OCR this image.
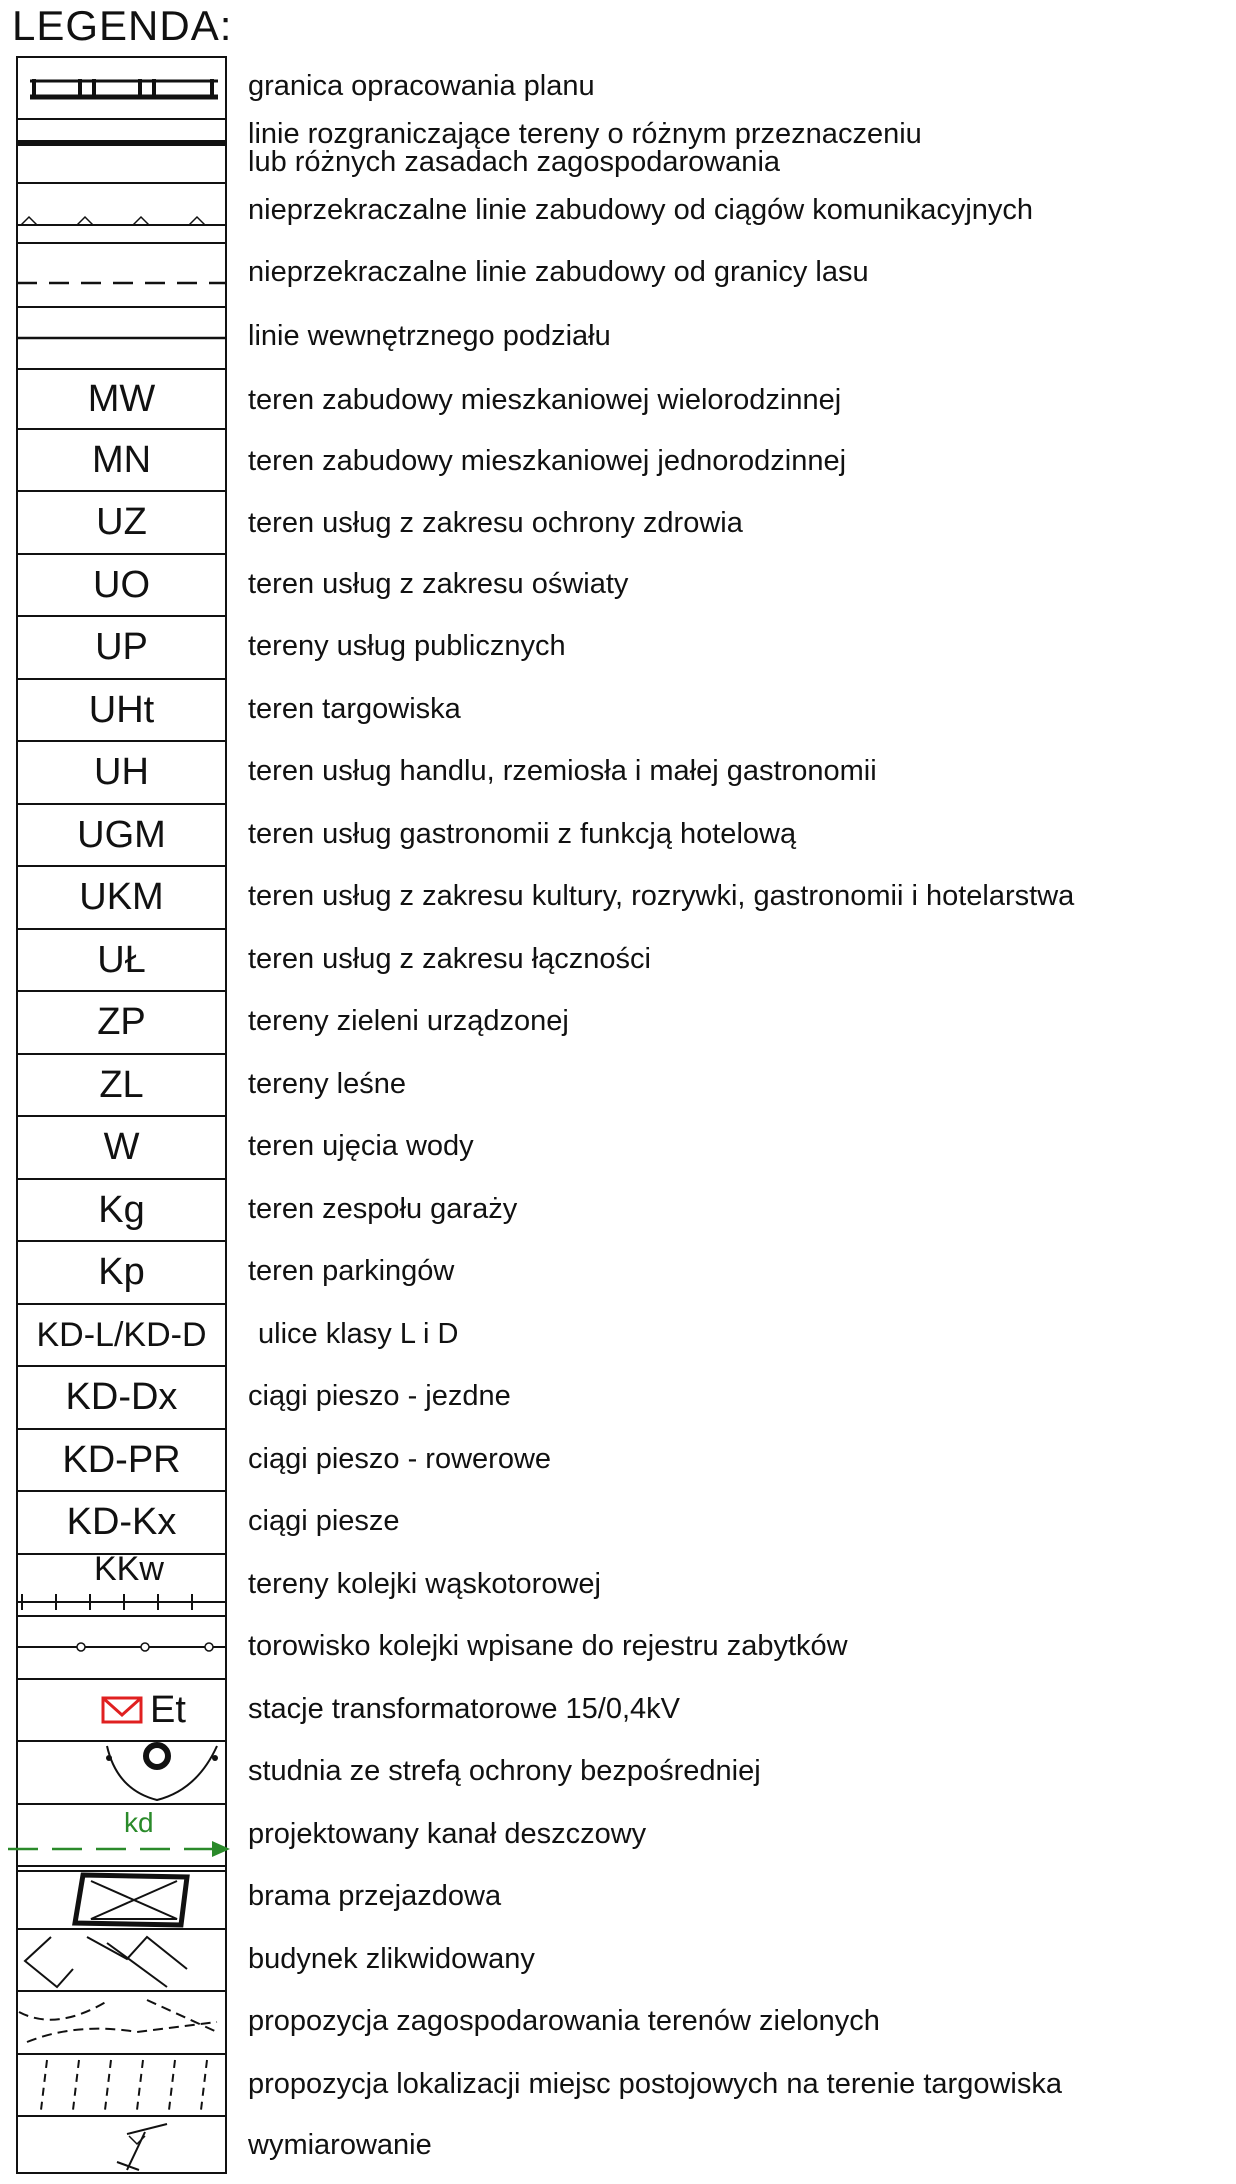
LEGENDA:
granica opracowania planu
linie rozgraniczające tereny o różnym przeznaczeniu
lub różnych zasadach zagospodarowania
nieprzekraczalne linie zabudowy od ciągów komunikacyjnych
nieprzekraczalne linie zabudowy od granicy lasu
linie wewnętrznego podziału
MW	teren zabudowy mieszkaniowej wielorodzinnej
MN	teren zabudowy mieszkaniowej jednorodzinnej
UZ	teren usług z zakresu ochrony zdrowia
UO	teren usług z zakresu oświaty
UP	tereny usług publicznych
UHt	teren targowiska
UH	teren usług handlu, rzemiosła i małej gastronomii
UGM	teren usług gastronomii z funkcją hotelową
UKM	teren usług z zakresu kultury, rozrywki, gastronomii i hotelarstwa
UŁ	teren usług z zakresu łączności
ZP	tereny zieleni urządzonej
ZL	tereny leśne
W	teren ujęcia wody
Kg	teren zespołu garaży
Kp	teren parkingów
KD-L/KD-D ulice klasy L i D
KD-Dx ciągi pieszo - jezdne
KD-PR ciągi pieszo - rowerowe
KD-Kx ciągi piesze
KKw	tereny kolejki wąskotorowej
torowisko kolejki wpisane do rejestru zabytków
Et stacje transformatorowe 15/0,4kV
studnia ze strefą ochrony bezpośredniej
kd	projektowany kanał deszczowy
brama przejazdowa
budynek zlikwidowany
propozycja zagospodarowania terenów zielonych
propozycja lokalizacji miejsc postojowych na terenie targowiska
wymiarowanie
